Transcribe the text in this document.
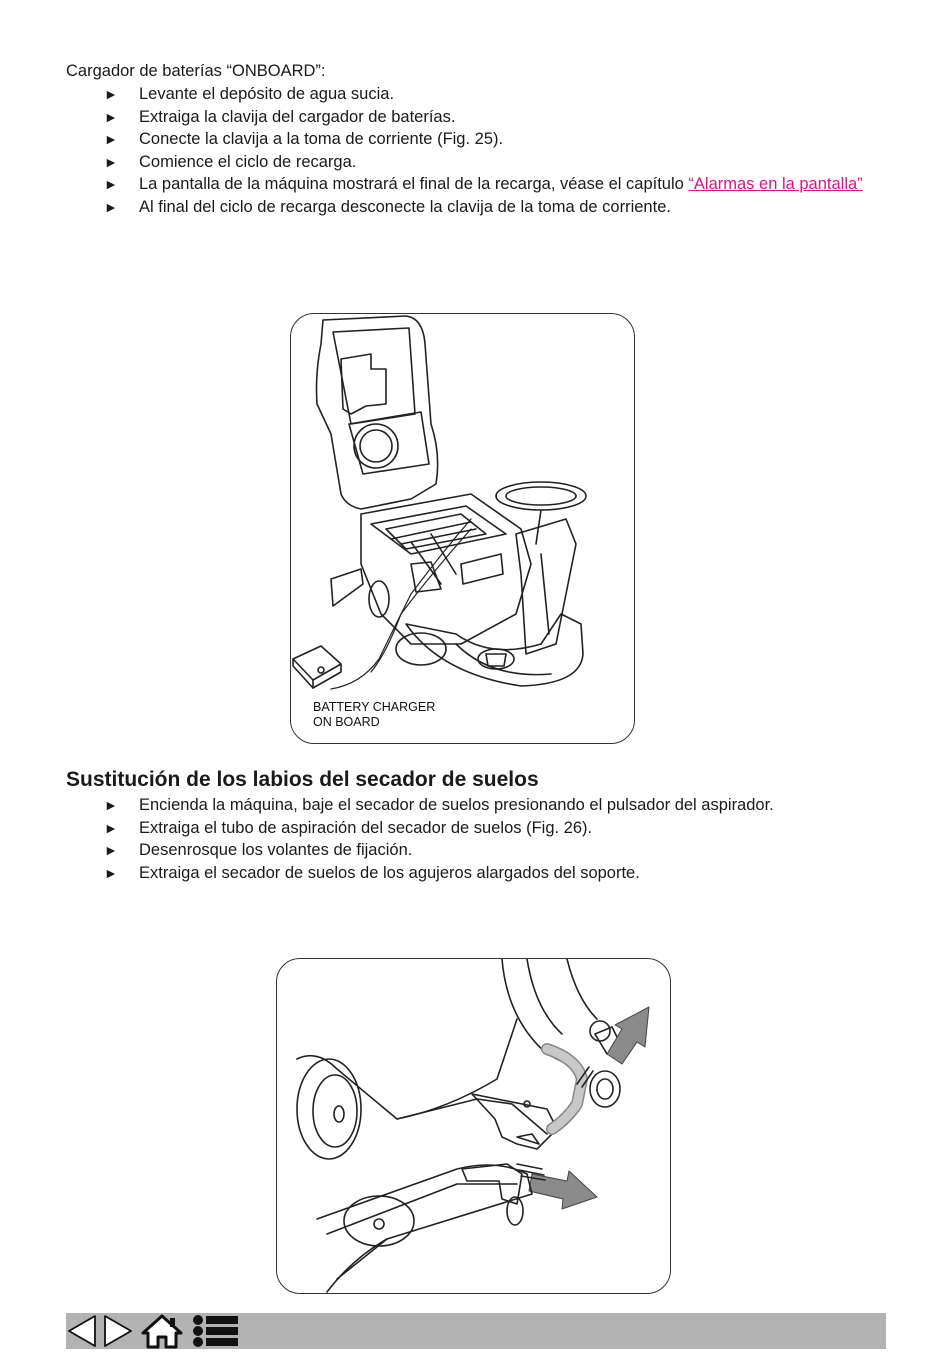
Cargador de baterías “ONBOARD”:
► Levante el depósito de agua sucia.
► Extraiga la clavija del cargador de baterías.
► Conecte la clavija a la toma de corriente (Fig. 25).
► Comience el ciclo de recarga.
► La pantalla de la máquina mostrará el final de la recarga, véase el capítulo “Alarmas en la pantalla”
► Al final del ciclo de recarga desconecte la clavija de la toma de corriente.
BATTERY CHARGER
ON BOARD
Sustitución de los labios del secador de suelos
► Encienda la máquina, baje el secador de suelos presionando el pulsador del aspirador.
► Extraiga el tubo de aspiración del secador de suelos (Fig. 26).
► Desenrosque los volantes de fijación.
► Extraiga el secador de suelos de los agujeros alargados del soporte.
